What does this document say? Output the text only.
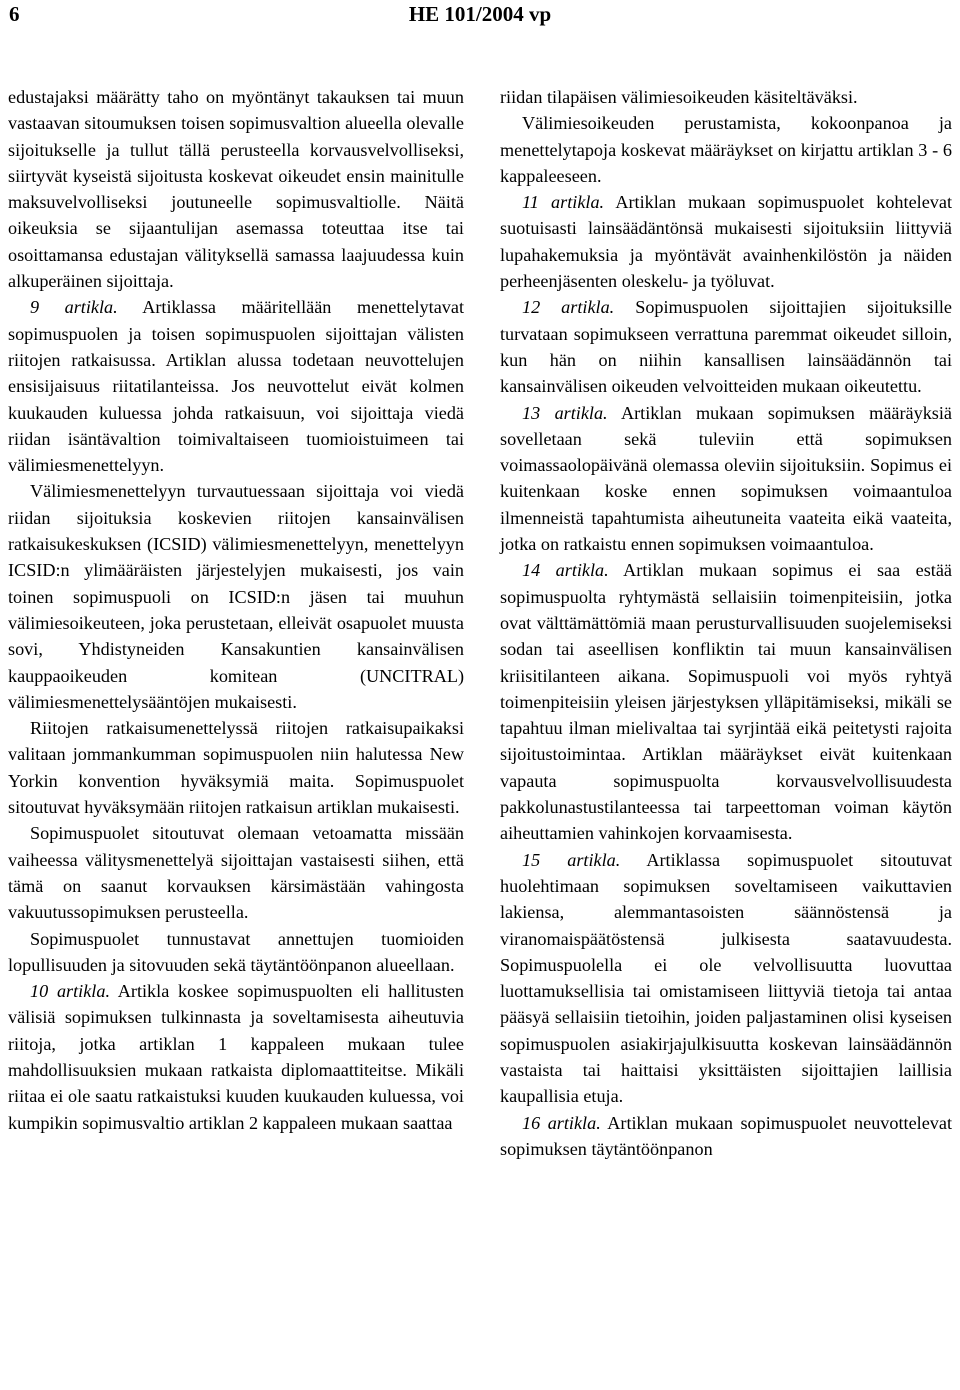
6	HE 101/2004 vp

edustajaksi määrätty taho on myöntänyt takauksen tai muun vastaavan sitoumuksen toisen sopimusvaltion alueella olevalle sijoitukselle ja tullut tällä perusteella korvausvelvolliseksi, siirtyvät kyseistä sijoitusta koskevat oikeudet ensin mainitulle maksuvelvolliseksi joutuneelle sopimusvaltiolle. Näitä oikeuksia se sijaantulijan asemassa toteuttaa itse tai osoittamansa edustajan välityksellä samassa laajuudessa kuin alkuperäinen sijoittaja.

9 artikla. Artiklassa määritellään menettelytavat sopimuspuolen ja toisen sopimuspuolen sijoittajan välisten riitojen ratkaisussa. Artiklan alussa todetaan neuvottelujen ensisijaisuus riitatilanteissa. Jos neuvottelut eivät kolmen kuukauden kuluessa johda ratkaisuun, voi sijoittaja viedä riidan isäntävaltion toimivaltaiseen tuomioistuimeen tai välimiesmenettelyyn.

Välimiesmenettelyyn turvautuessaan sijoittaja voi viedä riidan sijoituksia koskevien riitojen kansainvälisen ratkaisukeskuksen (ICSID) välimiesmenettelyyn, menettelyyn ICSID:n ylimääräisten järjestelyjen mukaisesti, jos vain toinen sopimuspuoli on ICSID:n jäsen tai muuhun välimiesoikeuteen, joka perustetaan, elleivät osapuolet muusta sovi, Yhdistyneiden Kansakuntien kansainvälisen kauppaoikeuden komitean (UNCITRAL) välimiesmenettelysääntöjen mukaisesti.

Riitojen ratkaisumenettelyssä riitojen ratkaisupaikaksi valitaan jommankumman sopimuspuolen niin halutessa New Yorkin konvention hyväksymiä maita. Sopimuspuolet sitoutuvat hyväksymään riitojen ratkaisun artiklan mukaisesti.

Sopimuspuolet sitoutuvat olemaan vetoamatta missään vaiheessa välitysmenettelyä sijoittajan vastaisesti siihen, että tämä on saanut korvauksen kärsimästään vahingosta vakuutussopimuksen perusteella.

Sopimuspuolet tunnustavat annettujen tuomioiden lopullisuuden ja sitovuuden sekä täytäntöönpanon alueellaan.

10 artikla. Artikla koskee sopimuspuolten eli hallitusten välisiä sopimuksen tulkinnasta ja soveltamisesta aiheutuvia riitoja, jotka artiklan 1 kappaleen mukaan tulee mahdollisuuksien mukaan ratkaista diplomaattiteitse. Mikäli riitaa ei ole saatu ratkaistuksi kuuden kuukauden kuluessa, voi kumpikin sopimusvaltio artiklan 2 kappaleen mukaan saattaa

riidan tilapäisen välimiesoikeuden käsiteltäväksi.

Välimiesoikeuden perustamista, kokoonpanoa ja menettelytapoja koskevat määräykset on kirjattu artiklan 3 - 6 kappaleeseen.

11 artikla. Artiklan mukaan sopimuspuolet kohtelevat suotuisasti lainsäädäntönsä mukaisesti sijoituksiin liittyviä lupahakemuksia ja myöntävät avainhenkilöstön ja näiden perheenjäsenten oleskelu- ja työluvat.

12 artikla. Sopimuspuolen sijoittajien sijoituksille turvataan sopimukseen verrattuna paremmat oikeudet silloin, kun hän on niihin kansallisen lainsäädännön tai kansainvälisen oikeuden velvoitteiden mukaan oikeutettu.

13 artikla. Artiklan mukaan sopimuksen määräyksiä sovelletaan sekä tuleviin että sopimuksen voimassaolopäivänä olemassa oleviin sijoituksiin. Sopimus ei kuitenkaan koske ennen sopimuksen voimaantuloa ilmenneistä tapahtumista aiheutuneita vaateita eikä vaateita, jotka on ratkaistu ennen sopimuksen voimaantuloa.

14 artikla. Artiklan mukaan sopimus ei saa estää sopimuspuolta ryhtymästä sellaisiin toimenpiteisiin, jotka ovat välttämättömiä maan perusturvallisuuden suojelemiseksi sodan tai aseellisen konfliktin tai muun kansainvälisen kriisitilanteen aikana. Sopimuspuoli voi myös ryhtyä toimenpiteisiin yleisen järjestyksen ylläpitämiseksi, mikäli se tapahtuu ilman mielivaltaa tai syrjintää eikä peitetysti rajoita sijoitustoimintaa. Artiklan määräykset eivät kuitenkaan vapauta sopimuspuolta korvausvelvollisuudesta pakkolunastustilanteessa tai tarpeettoman voiman käytön aiheuttamien vahinkojen korvaamisesta.

15 artikla. Artiklassa sopimuspuolet sitoutuvat huolehtimaan sopimuksen soveltamiseen vaikuttavien lakiensa, alemmantasoisten säännöstensä ja viranomaispäätöstensä julkisesta saatavuudesta. Sopimuspuolella ei ole velvollisuutta luovuttaa luottamuksellisia tai omistamiseen liittyviä tietoja tai antaa pääsyä sellaisiin tietoihin, joiden paljastaminen olisi kyseisen sopimuspuolen asiakirjajulkisuutta koskevan lainsäädännön vastaista tai haittaisi yksittäisten sijoittajien laillisia kaupallisia etuja.

16 artikla. Artiklan mukaan sopimuspuolet neuvottelevat sopimuksen täytäntöönpanon
